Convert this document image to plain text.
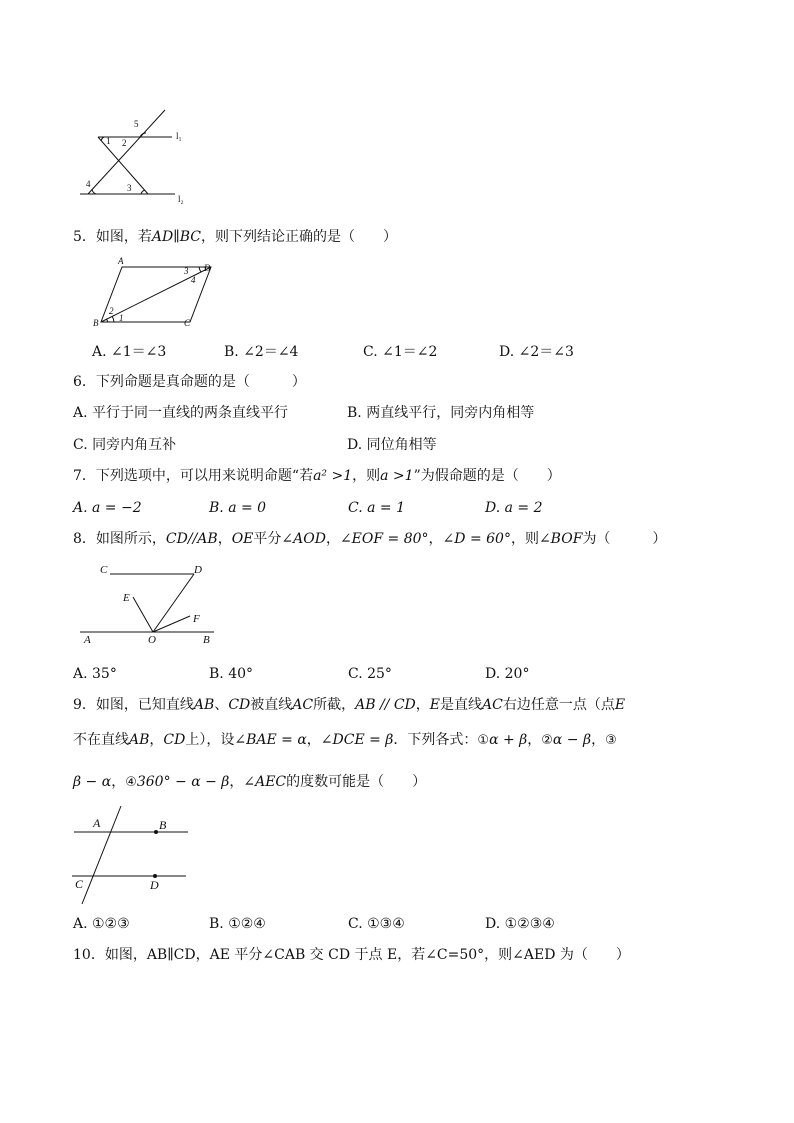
5
1 2
l₁
4	3
l₂
5．如图，若AD∥BC，则下列结论正确的是（　　）
A
D
3
4
2
1
B	C
A. ∠1＝∠3	B. ∠2＝∠4	C. ∠1＝∠2	D. ∠2＝∠3
6．下列命题是真命题的是（　　　）
A. 平行于同一直线的两条直线平行	B. 两直线平行，同旁内角相等
C. 同旁内角互补	D. 同位角相等
7．下列选项中，可以用来说明命题“若a² >1，则a >1”为假命题的是（　　）
A. a = −2	B. a = 0	C. a = 1	D. a = 2
8．如图所示，CD//AB，OE平分∠AOD，∠EOF = 80°，∠D = 60°，则∠BOF为（　　　）
C	D
E
F
A	O	B
A. 35°	B. 40°	C. 25°	D. 20°
9．如图，已知直线AB、CD被直线AC所截，AB // CD，E是直线AC右边任意一点（点E
不在直线AB，CD上），设∠BAE = α，∠DCE = β．下列各式：①α + β，②α − β，③
β − α，④360° − α − β，∠AEC的度数可能是（　　）
A	B
C	D
A. ①②③	B. ①②④	C. ①③④	D. ①②③④
10．如图，AB∥CD，AE 平分∠CAB 交 CD 于点 E，若∠C=50°，则∠AED 为（　　）
